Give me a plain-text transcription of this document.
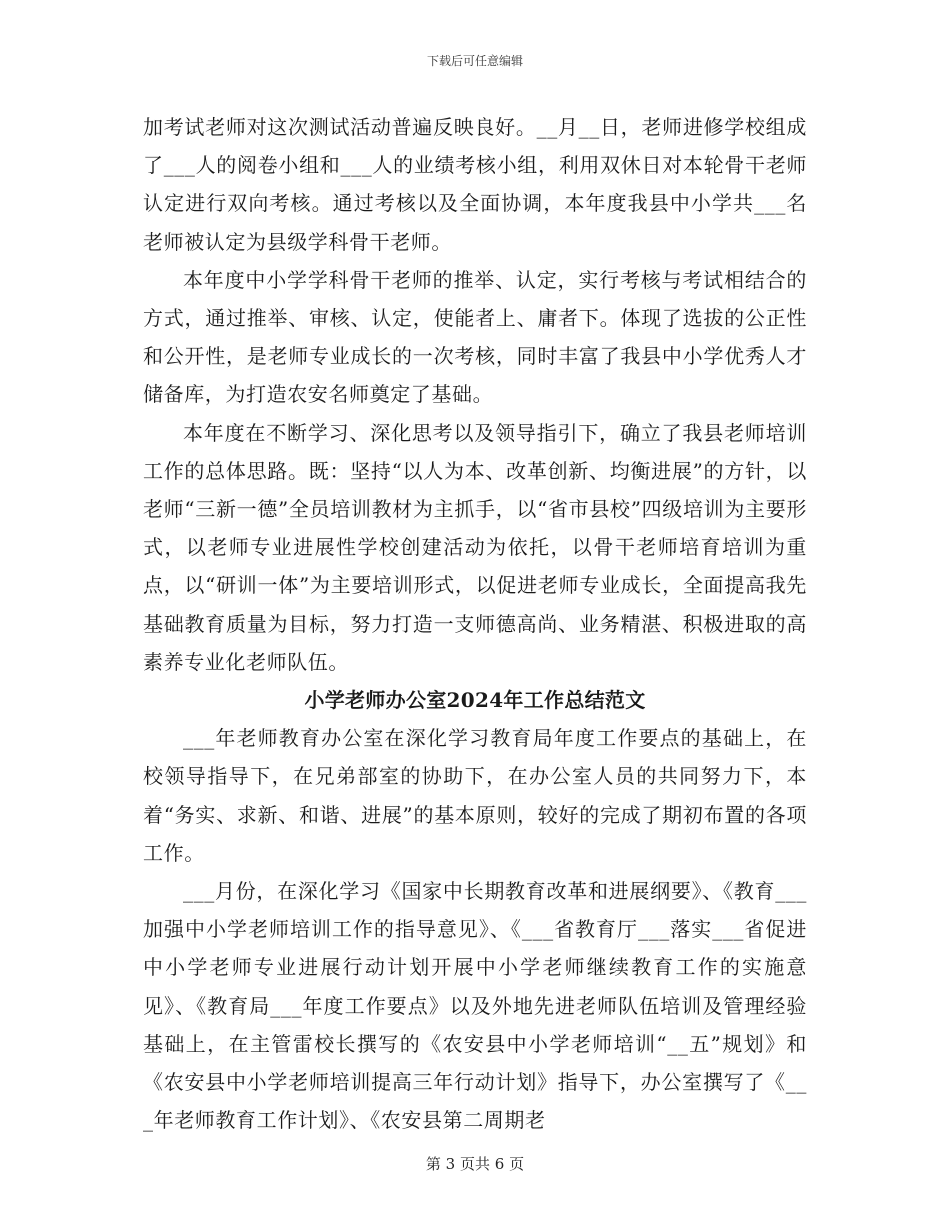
下载后可任意编辑

加考试老师对这次测试活动普遍反映良好。__月__日，老师进修学校组成了___人的阅卷小组和___人的业绩考核小组，利用双休日对本轮骨干老师认定进行双向考核。通过考核以及全面协调，本年度我县中小学共___名老师被认定为县级学科骨干老师。

本年度中小学学科骨干老师的推举、认定，实行考核与考试相结合的方式，通过推举、审核、认定，使能者上、庸者下。体现了选拔的公正性和公开性，是老师专业成长的一次考核，同时丰富了我县中小学优秀人才储备库，为打造农安名师奠定了基础。

本年度在不断学习、深化思考以及领导指引下，确立了我县老师培训工作的总体思路。既：坚持“以人为本、改革创新、均衡进展”的方针，以老师“三新一德”全员培训教材为主抓手，以“省市县校”四级培训为主要形式，以老师专业进展性学校创建活动为依托，以骨干老师培育培训为重点，以“研训一体”为主要培训形式，以促进老师专业成长，全面提高我先基础教育质量为目标，努力打造一支师德高尚、业务精湛、积极进取的高素养专业化老师队伍。

小学老师办公室2024年工作总结范文

___年老师教育办公室在深化学习教育局年度工作要点的基础上，在校领导指导下，在兄弟部室的协助下，在办公室人员的共同努力下，本着“务实、求新、和谐、进展”的基本原则，较好的完成了期初布置的各项工作。

___月份，在深化学习《国家中长期教育改革和进展纲要》、《教育___加强中小学老师培训工作的指导意见》、《___省教育厅___落实___省促进中小学老师专业进展行动计划开展中小学老师继续教育工作的实施意见》、《教育局___年度工作要点》以及外地先进老师队伍培训及管理经验基础上，在主管雷校长撰写的《农安县中小学老师培训“__五”规划》和《农安县中小学老师培训提高三年行动计划》指导下，办公室撰写了《___年老师教育工作计划》、《农安县第二周期老

第 3 页共 6 页
